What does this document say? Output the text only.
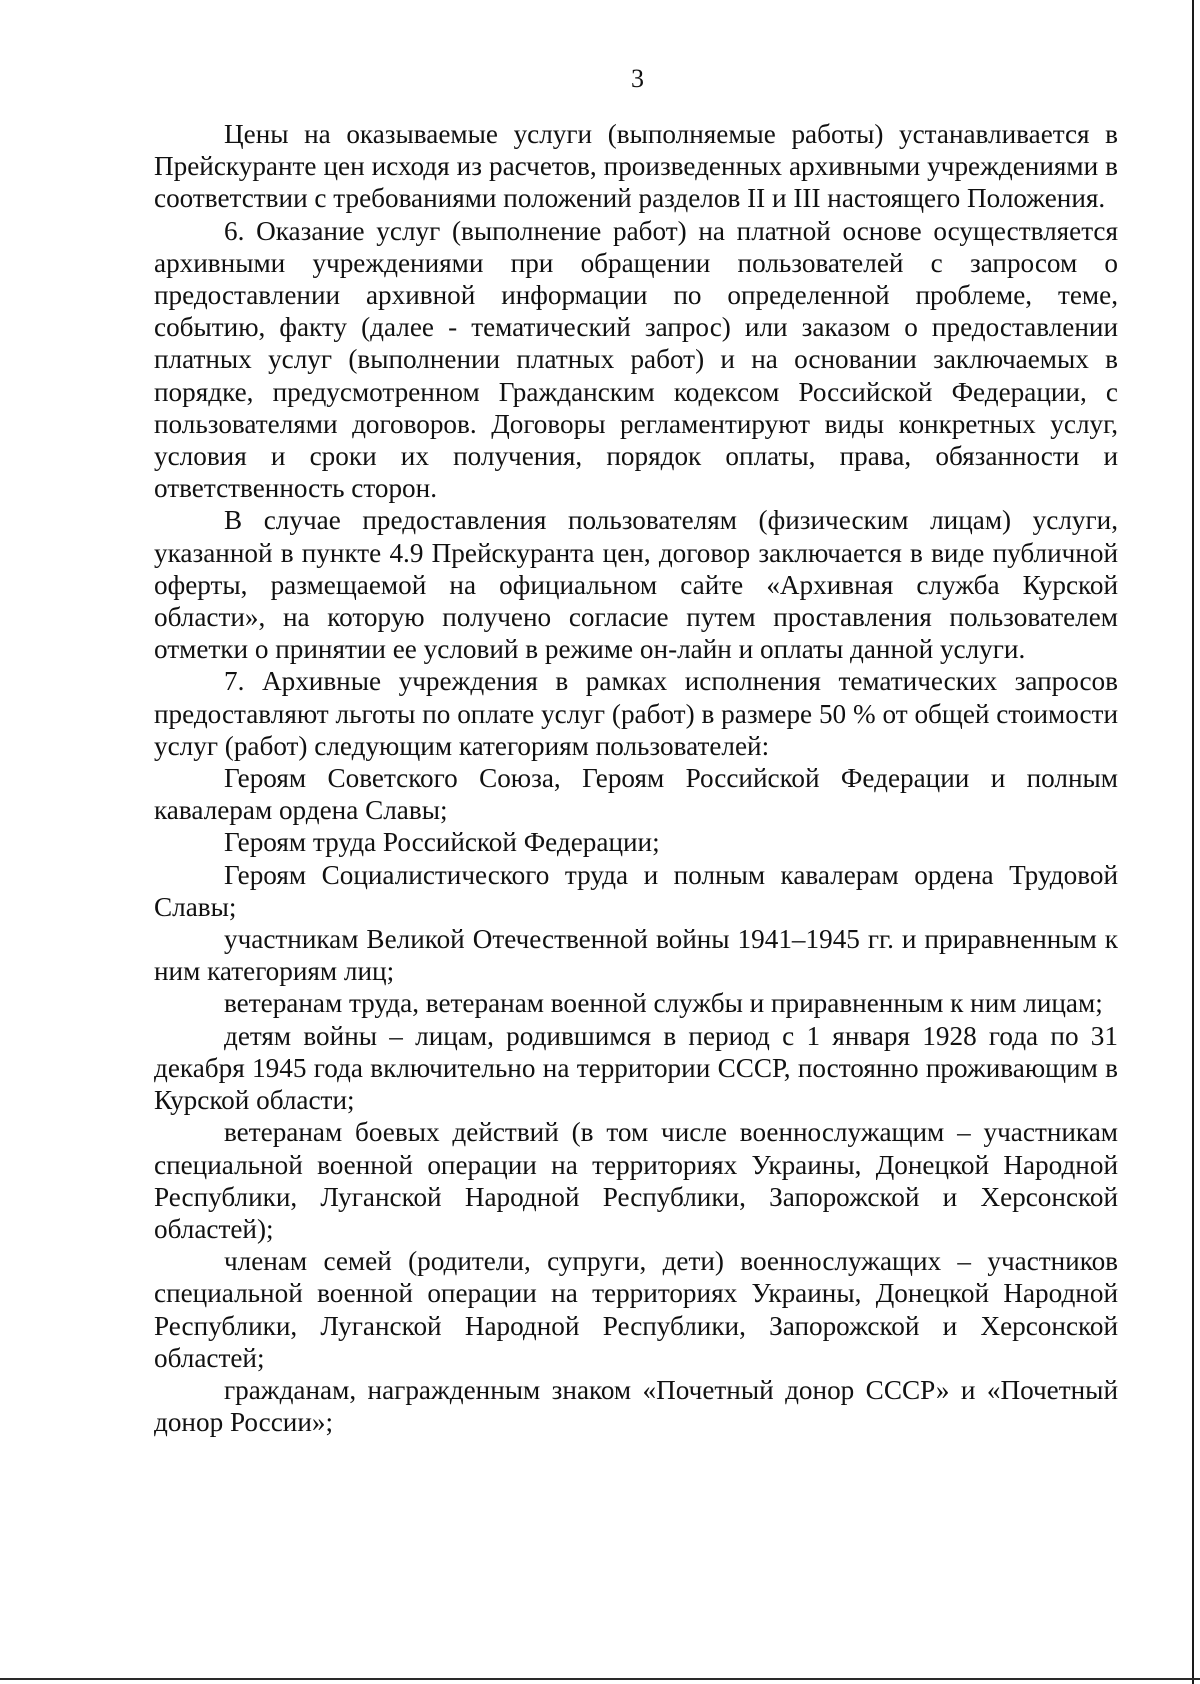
3

Цены на оказываемые услуги (выполняемые работы) устанавливается в Прейскуранте цен исходя из расчетов, произведенных архивными учреждениями в соответствии с требованиями положений разделов II и III настоящего Положения.

6. Оказание услуг (выполнение работ) на платной основе осуществляется архивными учреждениями при обращении пользователей с запросом о предоставлении архивной информации по определенной проблеме, теме, событию, факту (далее - тематический запрос) или заказом о предоставлении платных услуг (выполнении платных работ) и на основании заключаемых в порядке, предусмотренном Гражданским кодексом Российской Федерации, с пользователями договоров. Договоры регламентируют виды конкретных услуг, условия и сроки их получения, порядок оплаты, права, обязанности и ответственность сторон.

В случае предоставления пользователям (физическим лицам) услуги, указанной в пункте 4.9 Прейскуранта цен, договор заключается в виде публичной оферты, размещаемой на официальном сайте «Архивная служба Курской области», на которую получено согласие путем проставления пользователем отметки о принятии ее условий в режиме он-лайн и оплаты данной услуги.

7. Архивные учреждения в рамках исполнения тематических запросов предоставляют льготы по оплате услуг (работ) в размере 50 % от общей стоимости услуг (работ) следующим категориям пользователей:

Героям Советского Союза, Героям Российской Федерации и полным кавалерам ордена Славы;

Героям труда Российской Федерации;

Героям Социалистического труда и полным кавалерам ордена Трудовой Славы;

участникам Великой Отечественной войны 1941–1945 гг. и приравненным к ним категориям лиц;

ветеранам труда, ветеранам военной службы и приравненным к ним лицам;

детям войны – лицам, родившимся в период с 1 января 1928 года по 31 декабря 1945 года включительно на территории СССР, постоянно проживающим в Курской области;

ветеранам боевых действий (в том числе военнослужащим – участникам специальной военной операции на территориях Украины, Донецкой Народной Республики, Луганской Народной Республики, Запорожской и Херсонской областей);

членам семей (родители, супруги, дети) военнослужащих – участников специальной военной операции на территориях Украины, Донецкой Народной Республики, Луганской Народной Республики, Запорожской и Херсонской областей;

гражданам, награжденным знаком «Почетный донор СССР» и «Почетный донор России»;
